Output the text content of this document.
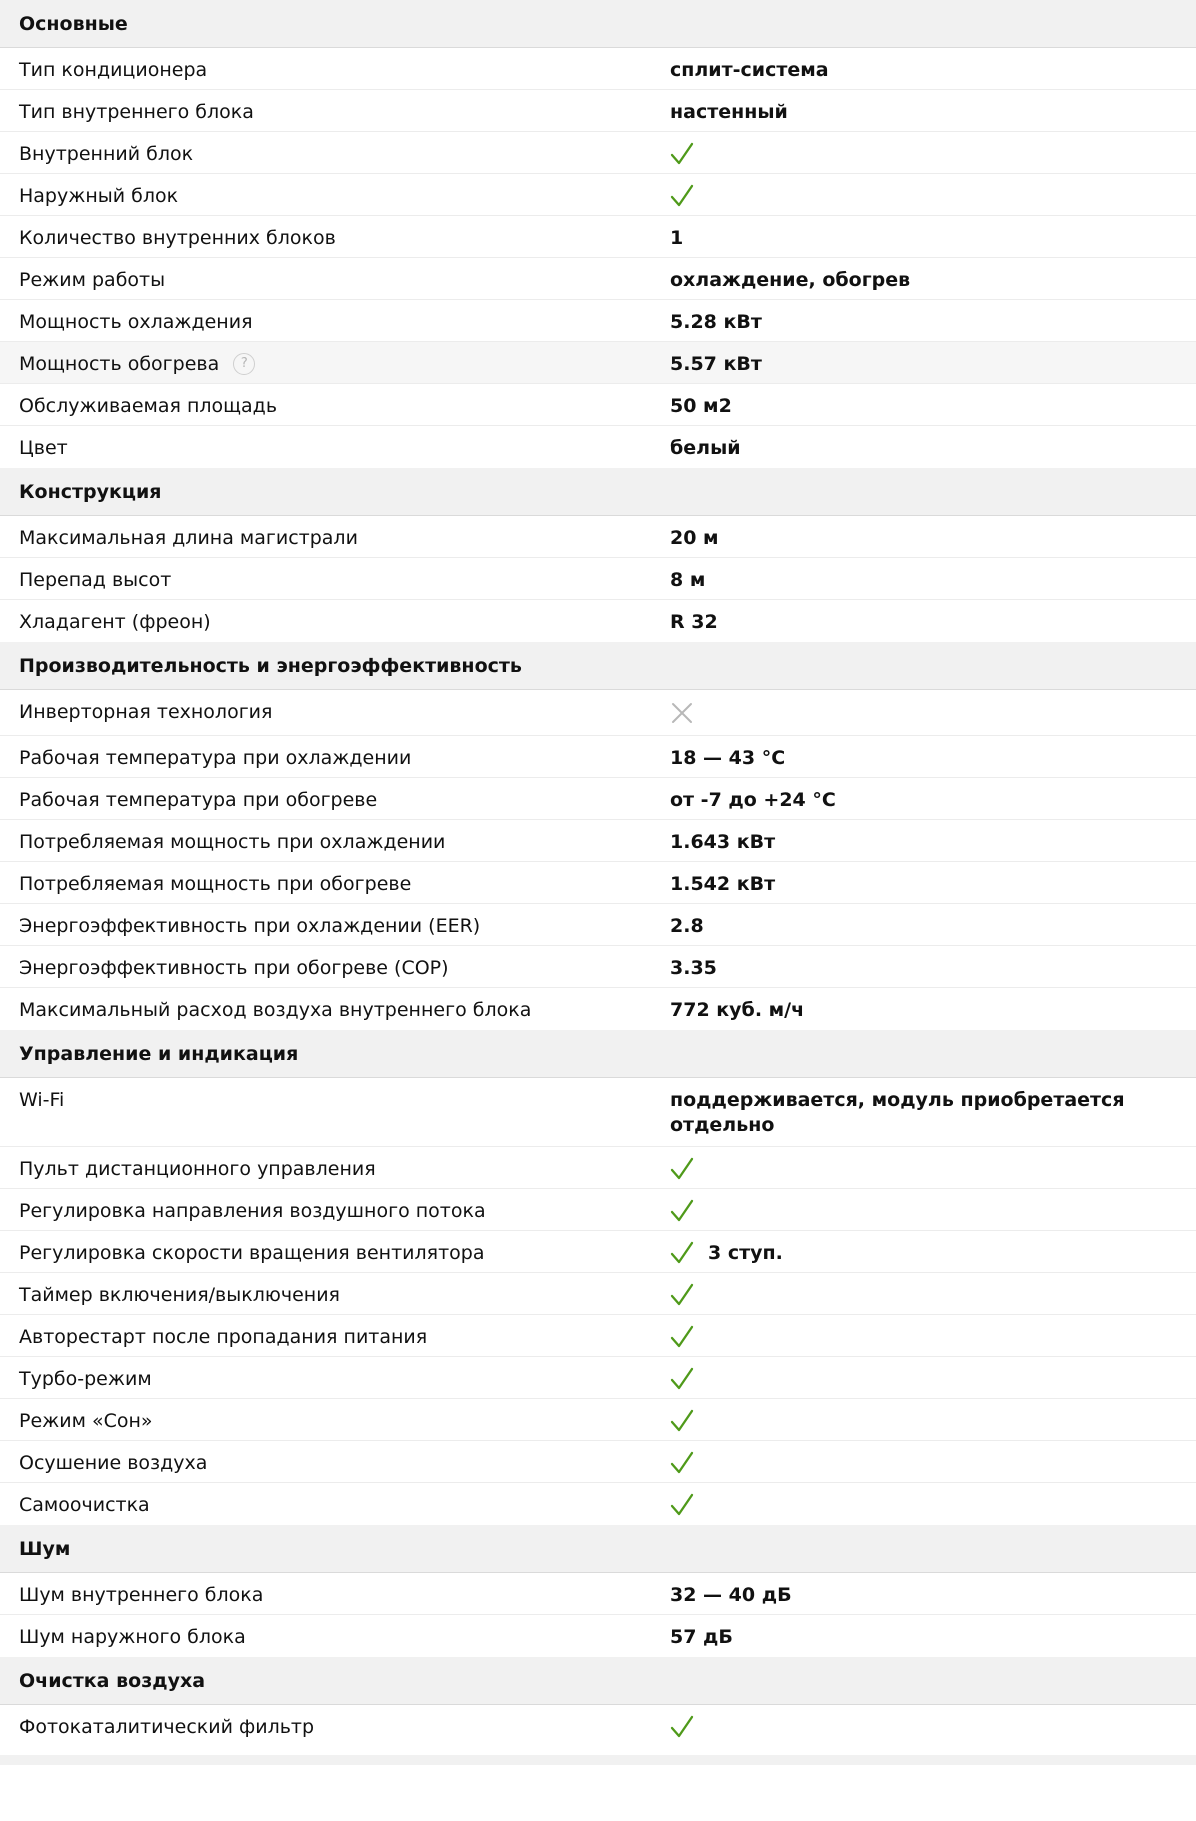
Основные
Тип кондиционера	сплит-система
Тип внутреннего блока	настенный
Внутренний блок
Наружный блок
Количество внутренних блоков	1
Режим работы	охлаждение, обогрев
Мощность охлаждения	5.28 кВт
Мощность обогрева	?	5.57 кВт
Обслуживаемая площадь	50 м2
Цвет	белый
Конструкция
Максимальная длина магистрали	20 м
Перепад высот	8 м
Хладагент (фреон)	R 32
Производительность и энергоэффективность
Инверторная технология
Рабочая температура при охлаждении	18 — 43 °C
Рабочая температура при обогреве	от -7 до +24 °C
Потребляемая мощность при охлаждении	1.643 кВт
Потребляемая мощность при обогреве	1.542 кВт
Энергоэффективность при охлаждении (EER)	2.8
Энергоэффективность при обогреве (COP)	3.35
Максимальный расход воздуха внутреннего блока	772 куб. м/ч
Управление и индикация
Wi-Fi	поддерживается, модуль приобретается отдельно
Пульт дистанционного управления
Регулировка направления воздушного потока
Регулировка скорости вращения вентилятора	3 ступ.
Таймер включения/выключения
Авторестарт после пропадания питания
Турбо-режим
Режим «Сон»
Осушение воздуха
Самоочистка
Шум
Шум внутреннего блока	32 — 40 дБ
Шум наружного блока	57 дБ
Очистка воздуха
Фотокаталитический фильтр
